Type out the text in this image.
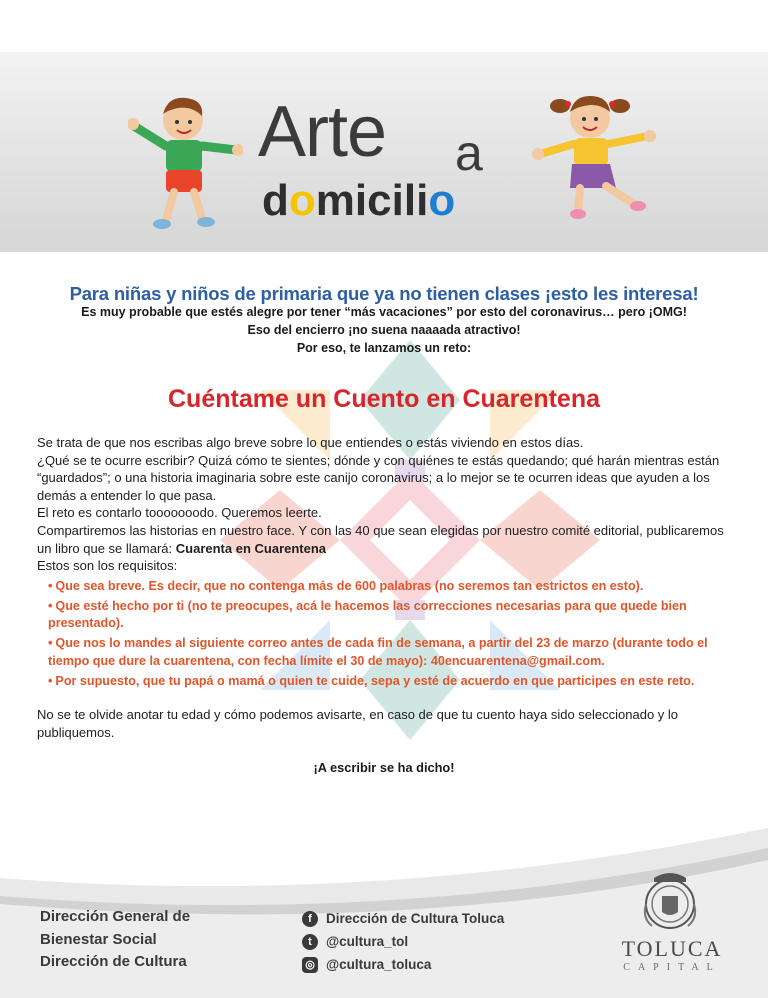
Arte a
domicilio
Para niñas y niños de primaria que ya no tienen clases ¡esto les interesa!
Es muy probable que estés alegre por tener “más vacaciones” por esto del coronavirus… pero ¡OMG!
Eso del encierro ¡no suena naaaada atractivo!
Por eso, te lanzamos un reto:
Cuéntame un Cuento en Cuarentena

Se trata de que nos escribas algo breve sobre lo que entiendes o estás viviendo en estos días.

¿Qué se te ocurre escribir? Quizá cómo te sientes; dónde y con quiénes te estás quedando; qué harán mientras están “guardados”; o una historia imaginaria sobre este canijo coronavirus; a lo mejor se te ocurren ideas que ayuden a los demás a entender lo que pasa.

El reto es contarlo tooooooodo. Queremos leerte.

Compartiremos las historias en nuestro face. Y con las 40 que sean elegidas por nuestro comité editorial, publicaremos un libro que se llamará: Cuarenta en Cuarentena

Estos son los requisitos:

• Que sea breve. Es decir, que no contenga más de 600 palabras (no seremos tan estrictos en esto).
• Que esté hecho por ti (no te preocupes, acá le hacemos las correcciones necesarias para que quede bien presentado).
• Que nos lo mandes al siguiente correo antes de cada fin de semana, a partir del 23 de marzo (durante todo el tiempo que dure la cuarentena, con fecha límite el 30 de mayo): 40encuarentena@gmail.com.
• Por supuesto, que tu papá o mamá o quien te cuide, sepa y esté de acuerdo en que participes en este reto.
No se te olvide anotar tu edad y cómo podemos avisarte, en caso de que tu cuento haya sido seleccionado y lo publiquemos.
¡A escribir se ha dicho!
Dirección General de
Bienestar Social
Dirección de Cultura
f	Dirección de Cultura Toluca
t	@cultura_tol
◎ @cultura_toluca
TOLUCA
CAPITAL
